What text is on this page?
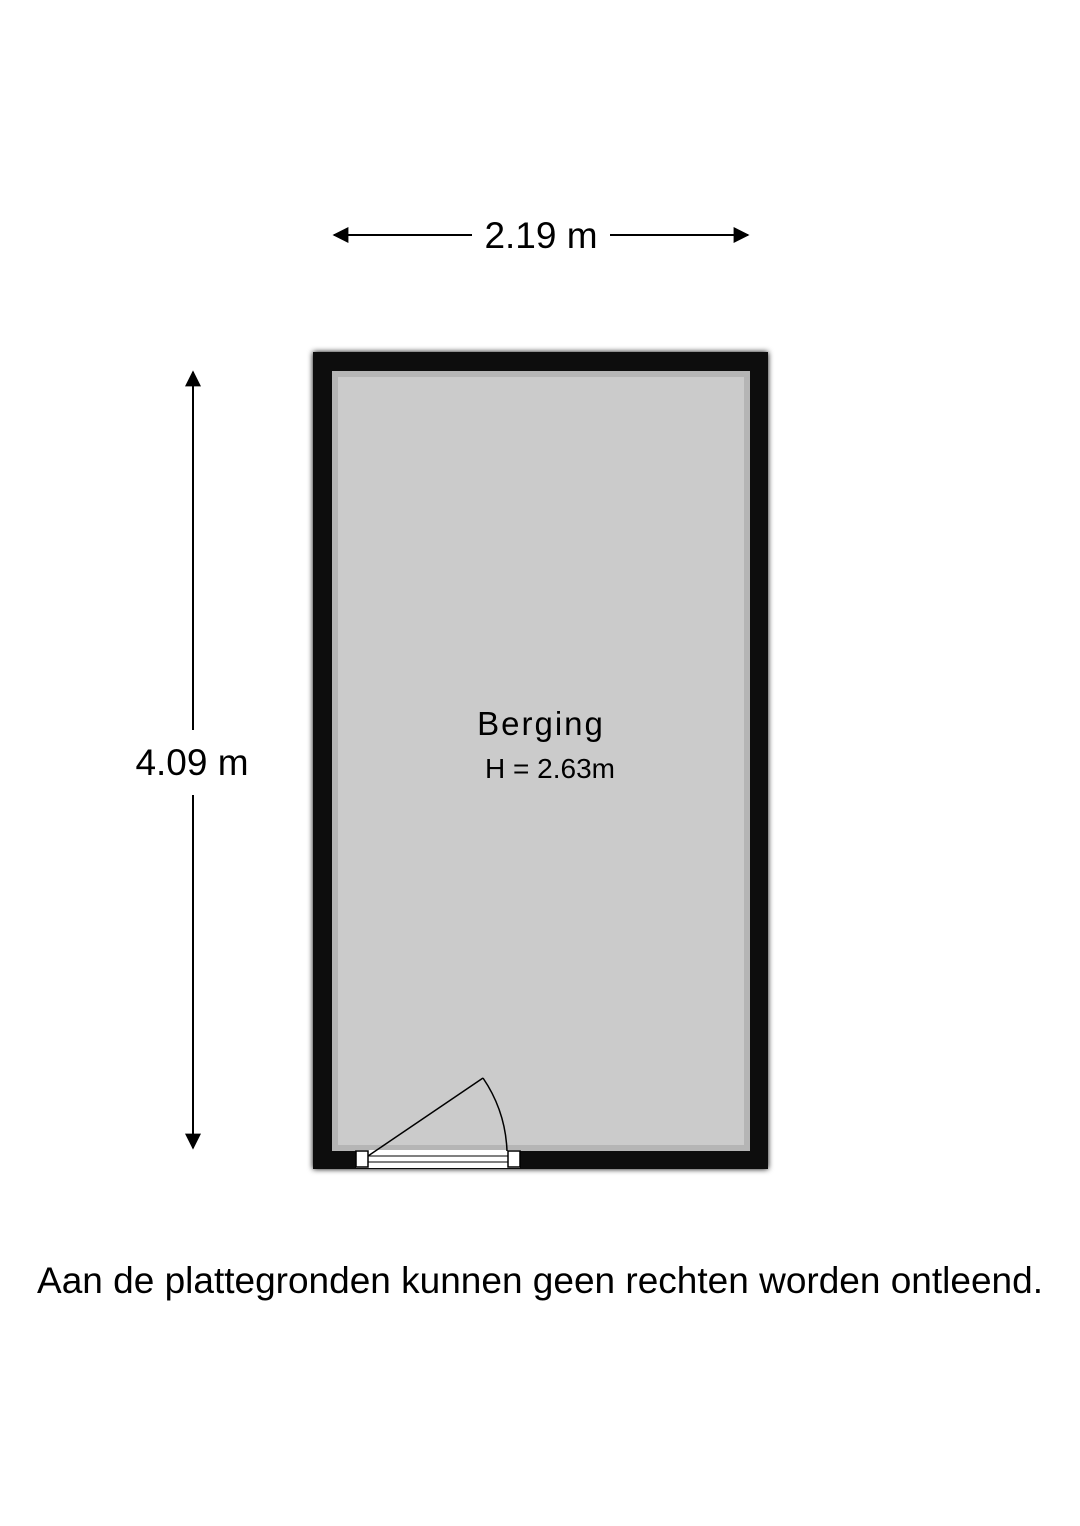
2.19 m
4.09 m
Berging
H = 2.63m
Aan de plattegronden kunnen geen rechten worden ontleend.
